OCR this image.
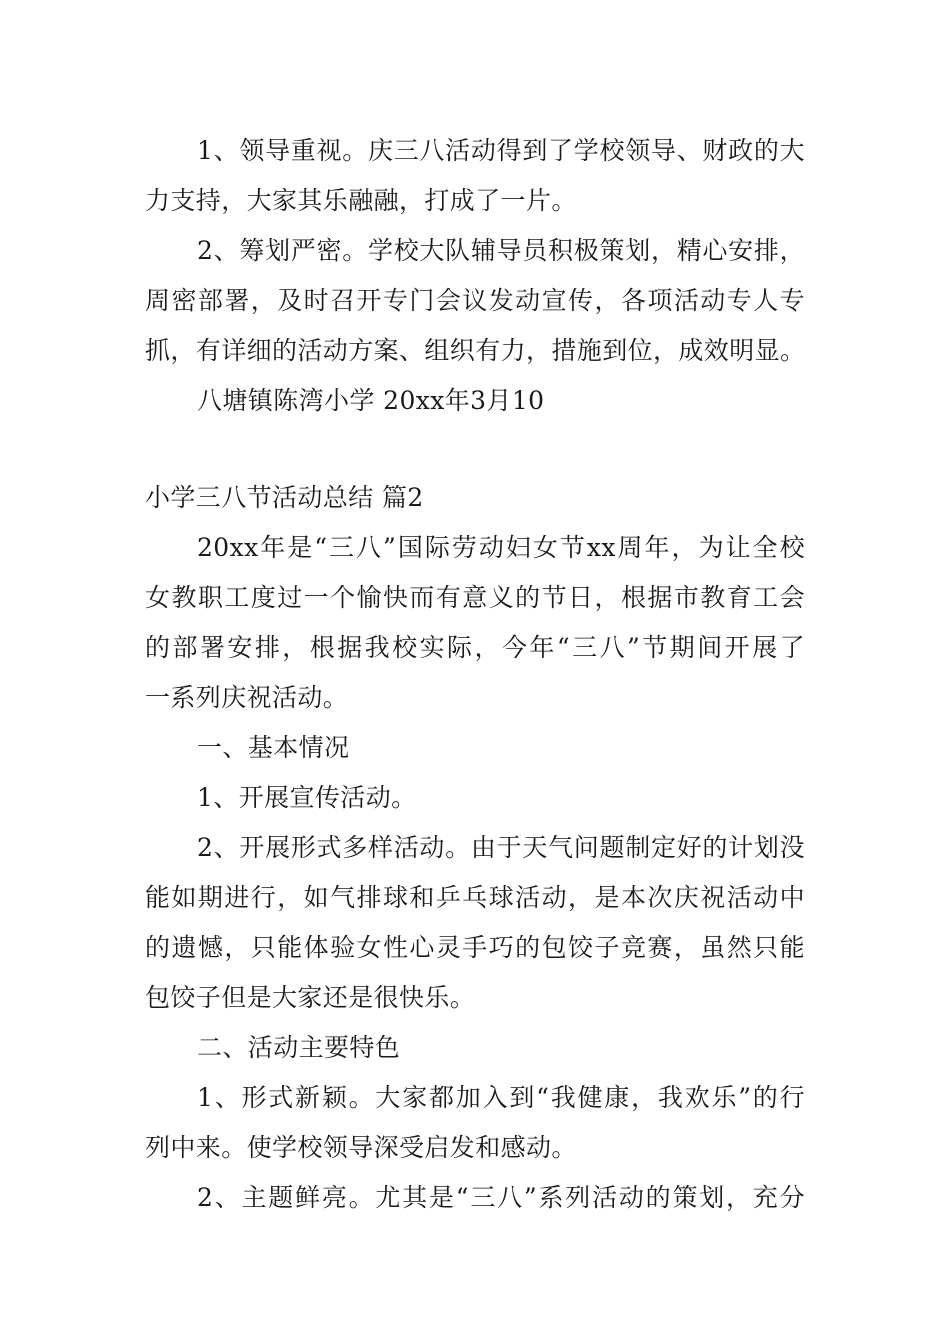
1、领导重视。庆三八活动得到了学校领导、财政的大
力支持，大家其乐融融，打成了一片。
2、筹划严密。学校大队辅导员积极策划，精心安排，
周密部署，及时召开专门会议发动宣传，各项活动专人专
抓，有详细的活动方案、组织有力，措施到位，成效明显。
八塘镇陈湾小学 20xx年3月10
小学三八节活动总结 篇2
20xx年是“三八”国际劳动妇女节xx周年，为让全校
女教职工度过一个愉快而有意义的节日，根据市教育工会
的部署安排，根据我校实际，今年“三八”节期间开展了
一系列庆祝活动。
一、基本情况
1、开展宣传活动。
2、开展形式多样活动。由于天气问题制定好的计划没
能如期进行，如气排球和乒乓球活动，是本次庆祝活动中
的遗憾，只能体验女性心灵手巧的包饺子竞赛，虽然只能
包饺子但是大家还是很快乐。
二、活动主要特色
1、形式新颖。大家都加入到“我健康，我欢乐”的行
列中来。使学校领导深受启发和感动。
2、主题鲜亮。尤其是“三八”系列活动的策划，充分
